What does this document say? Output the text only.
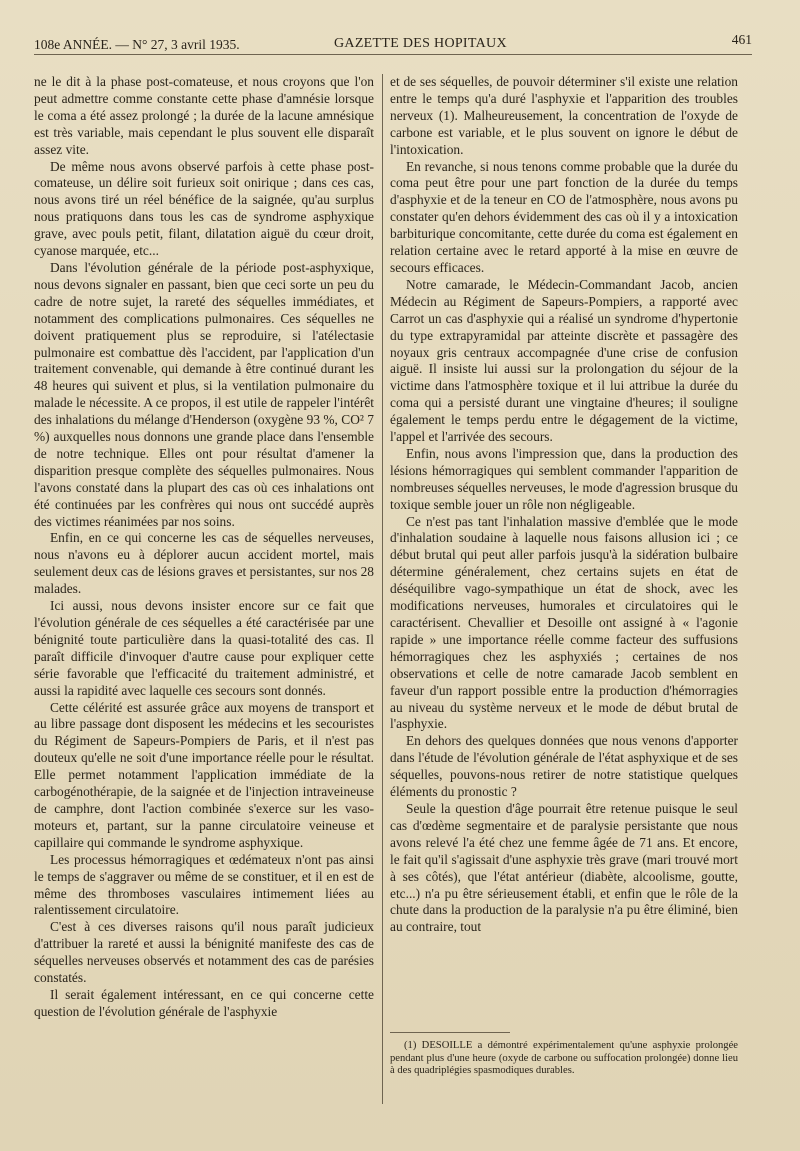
108e ANNÉE. — N° 27, 3 avril 1935.	GAZETTE DES HOPITAUX	461

ne le dit à la phase post-comateuse, et nous croyons que l'on peut admettre comme constante cette phase d'amnésie lorsque le coma a été assez prolongé ; la durée de la lacune amnésique est très variable, mais cependant le plus souvent elle disparaît assez vite.

De même nous avons observé parfois à cette phase post-comateuse, un délire soit furieux soit onirique ; dans ces cas, nous avons tiré un réel bénéfice de la saignée, qu'au surplus nous pratiquons dans tous les cas de syndrome asphyxique grave, avec pouls petit, filant, dilatation aiguë du cœur droit, cyanose marquée, etc...

Dans l'évolution générale de la période post-asphyxique, nous devons signaler en passant, bien que ceci sorte un peu du cadre de notre sujet, la rareté des séquelles immédiates, et notamment des complications pulmonaires. Ces séquelles ne doivent pratiquement plus se reproduire, si l'atélectasie pulmonaire est combattue dès l'accident, par l'application d'un traitement convenable, qui demande à être continué durant les 48 heures qui suivent et plus, si la ventilation pulmonaire du malade le nécessite. A ce propos, il est utile de rappeler l'intérêt des inhalations du mélange d'Henderson (oxygène 93 %, CO² 7 %) auxquelles nous donnons une grande place dans l'ensemble de notre technique. Elles ont pour résultat d'amener la disparition presque complète des séquelles pulmonaires. Nous l'avons constaté dans la plupart des cas où ces inhalations ont été continuées par les confrères qui nous ont succédé auprès des victimes réanimées par nos soins.

Enfin, en ce qui concerne les cas de séquelles nerveuses, nous n'avons eu à déplorer aucun accident mortel, mais seulement deux cas de lésions graves et persistantes, sur nos 28 malades.

Ici aussi, nous devons insister encore sur ce fait que l'évolution générale de ces séquelles a été caractérisée par une bénignité toute particulière dans la quasi-totalité des cas. Il paraît difficile d'invoquer d'autre cause pour expliquer cette série favorable que l'efficacité du traitement administré, et aussi la rapidité avec laquelle ces secours sont donnés.

Cette célérité est assurée grâce aux moyens de transport et au libre passage dont disposent les médecins et les secouristes du Régiment de Sapeurs-Pompiers de Paris, et il n'est pas douteux qu'elle ne soit d'une importance réelle pour le résultat. Elle permet notamment l'application immédiate de la carbogénothérapie, de la saignée et de l'injection intraveineuse de camphre, dont l'action combinée s'exerce sur les vaso-moteurs et, partant, sur la panne circulatoire veineuse et capillaire qui commande le syndrome asphyxique.

Les processus hémorragiques et œdémateux n'ont pas ainsi le temps de s'aggraver ou même de se constituer, et il en est de même des thromboses vasculaires intimement liées au ralentissement circulatoire.

C'est à ces diverses raisons qu'il nous paraît judicieux d'attribuer la rareté et aussi la bénignité manifeste des cas de séquelles nerveuses observés et notamment des cas de parésies constatés.

Il serait également intéressant, en ce qui concerne cette question de l'évolution générale de l'asphyxie

et de ses séquelles, de pouvoir déterminer s'il existe une relation entre le temps qu'a duré l'asphyxie et l'apparition des troubles nerveux (1). Malheureusement, la concentration de l'oxyde de carbone est variable, et le plus souvent on ignore le début de l'intoxication.

En revanche, si nous tenons comme probable que la durée du coma peut être pour une part fonction de la durée du temps d'asphyxie et de la teneur en CO de l'atmosphère, nous avons pu constater qu'en dehors évidemment des cas où il y a intoxication barbiturique concomitante, cette durée du coma est également en relation certaine avec le retard apporté à la mise en œuvre de secours efficaces.

Notre camarade, le Médecin-Commandant Jacob, ancien Médecin au Régiment de Sapeurs-Pompiers, a rapporté avec Carrot un cas d'asphyxie qui a réalisé un syndrome d'hypertonie du type extrapyramidal par atteinte discrète et passagère des noyaux gris centraux accompagnée d'une crise de confusion aiguë. Il insiste lui aussi sur la prolongation du séjour de la victime dans l'atmosphère toxique et il lui attribue la durée du coma qui a persisté durant une vingtaine d'heures; il souligne également le temps perdu entre le dégagement de la victime, l'appel et l'arrivée des secours.

Enfin, nous avons l'impression que, dans la production des lésions hémorragiques qui semblent commander l'apparition de nombreuses séquelles nerveuses, le mode d'agression brusque du toxique semble jouer un rôle non négligeable.

Ce n'est pas tant l'inhalation massive d'emblée que le mode d'inhalation soudaine à laquelle nous faisons allusion ici ; ce début brutal qui peut aller parfois jusqu'à la sidération bulbaire détermine généralement, chez certains sujets en état de déséquilibre vago-sympathique un état de shock, avec les modifications nerveuses, humorales et circulatoires qui le caractérisent. Chevallier et Desoille ont assigné à « l'agonie rapide » une importance réelle comme facteur des suffusions hémorragiques chez les asphyxiés ; certaines de nos observations et celle de notre camarade Jacob semblent en faveur d'un rapport possible entre la production d'hémorragies au niveau du système nerveux et le mode de début brutal de l'asphyxie.

En dehors des quelques données que nous venons d'apporter dans l'étude de l'évolution générale de l'état asphyxique et de ses séquelles, pouvons-nous retirer de notre statistique quelques éléments du pronostic ?

Seule la question d'âge pourrait être retenue puisque le seul cas d'œdème segmentaire et de paralysie persistante que nous avons relevé l'a été chez une femme âgée de 71 ans. Et encore, le fait qu'il s'agissait d'une asphyxie très grave (mari trouvé mort à ses côtés), que l'état antérieur (diabète, alcoolisme, goutte, etc...) n'a pu être sérieusement établi, et enfin que le rôle de la chute dans la production de la paralysie n'a pu être éliminé, bien au contraire, tout

(1) DESOILLE a démontré expérimentalement qu'une asphyxie prolongée pendant plus d'une heure (oxyde de carbone ou suffocation prolongée) donne lieu à des quadriplégies spasmodiques durables.
